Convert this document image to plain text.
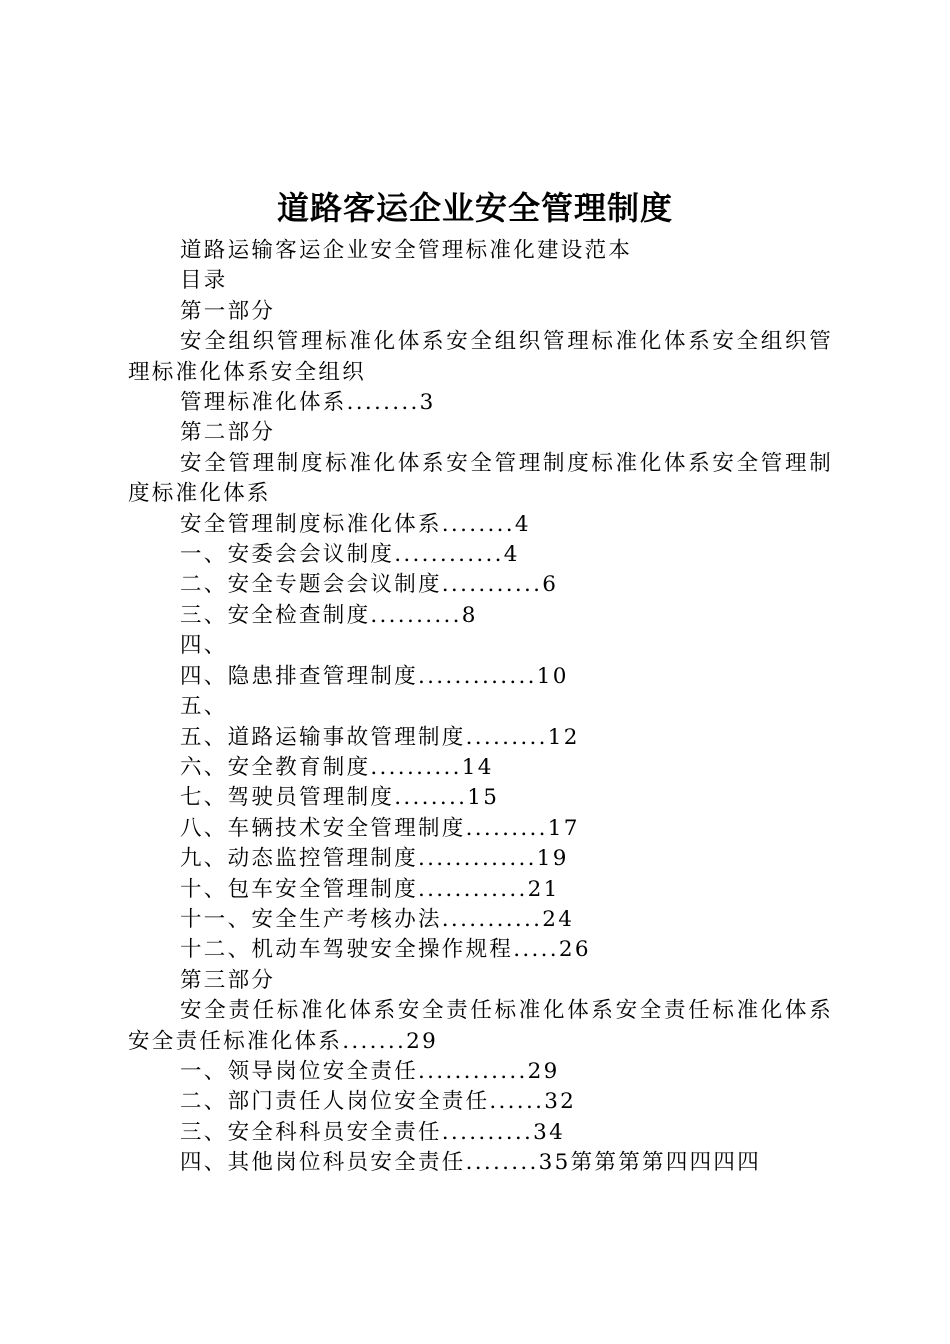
道路客运企业安全管理制度
道路运输客运企业安全管理标准化建设范本
目录
第一部分
安全组织管理标准化体系安全组织管理标准化体系安全组织管理标准化体系安全组织
管理标准化体系........3
第二部分
安全管理制度标准化体系安全管理制度标准化体系安全管理制度标准化体系
安全管理制度标准化体系........4
一、安委会会议制度............4
二、安全专题会会议制度...........6
三、安全检查制度..........8
四、
四、隐患排查管理制度.............10
五、
五、道路运输事故管理制度.........12
六、安全教育制度..........14
七、驾驶员管理制度........15
八、车辆技术安全管理制度.........17
九、动态监控管理制度.............19
十、包车安全管理制度............21
十一、安全生产考核办法...........24
十二、机动车驾驶安全操作规程.....26
第三部分
安全责任标准化体系安全责任标准化体系安全责任标准化体系安全责任标准化体系.......29
一、领导岗位安全责任............29
二、部门责任人岗位安全责任......32
三、安全科科员安全责任..........34
四、其他岗位科员安全责任........35第第第第四四四四
